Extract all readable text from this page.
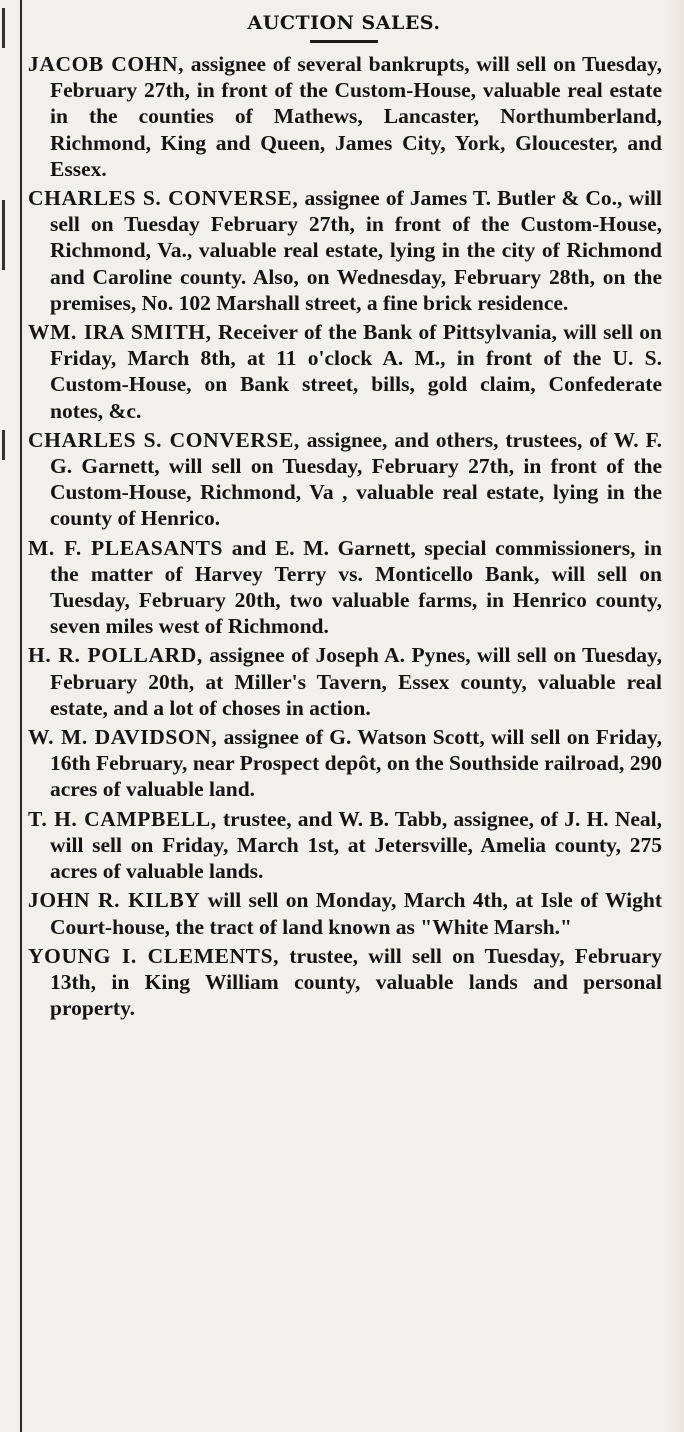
AUCTION SALES.

JACOB COHN, assignee of several bankrupts, will sell on Tuesday, February 27th, in front of the Custom-House, valuable real estate in the counties of Mathews, Lancaster, Northumberland, Richmond, King and Queen, James City, York, Gloucester, and Essex.

CHARLES S. CONVERSE, assignee of James T. Butler & Co., will sell on Tuesday February 27th, in front of the Custom-House, Richmond, Va., valuable real estate, lying in the city of Richmond and Caroline county. Also, on Wednesday, February 28th, on the premises, No. 102 Marshall street, a fine brick residence.

WM. IRA SMITH, Receiver of the Bank of Pittsylvania, will sell on Friday, March 8th, at 11 o'clock A. M., in front of the U. S. Custom-House, on Bank street, bills, gold claim, Confederate notes, &c.

CHARLES S. CONVERSE, assignee, and others, trustees, of W. F. G. Garnett, will sell on Tuesday, February 27th, in front of the Custom-House, Richmond, Va , valuable real estate, lying in the county of Henrico.

M. F. PLEASANTS and E. M. Garnett, special commissioners, in the matter of Harvey Terry vs. Monticello Bank, will sell on Tuesday, February 20th, two valuable farms, in Henrico county, seven miles west of Richmond.

H. R. POLLARD, assignee of Joseph A. Pynes, will sell on Tuesday, February 20th, at Miller's Tavern, Essex county, valuable real estate, and a lot of choses in action.

W. M. DAVIDSON, assignee of G. Watson Scott, will sell on Friday, 16th February, near Prospect depôt, on the Southside railroad, 290 acres of valuable land.

T. H. CAMPBELL, trustee, and W. B. Tabb, assignee, of J. H. Neal, will sell on Friday, March 1st, at Jetersville, Amelia county, 275 acres of valuable lands.

JOHN R. KILBY will sell on Monday, March 4th, at Isle of Wight Court-house, the tract of land known as "White Marsh."

YOUNG I. CLEMENTS, trustee, will sell on Tuesday, February 13th, in King William county, valuable lands and personal property.
